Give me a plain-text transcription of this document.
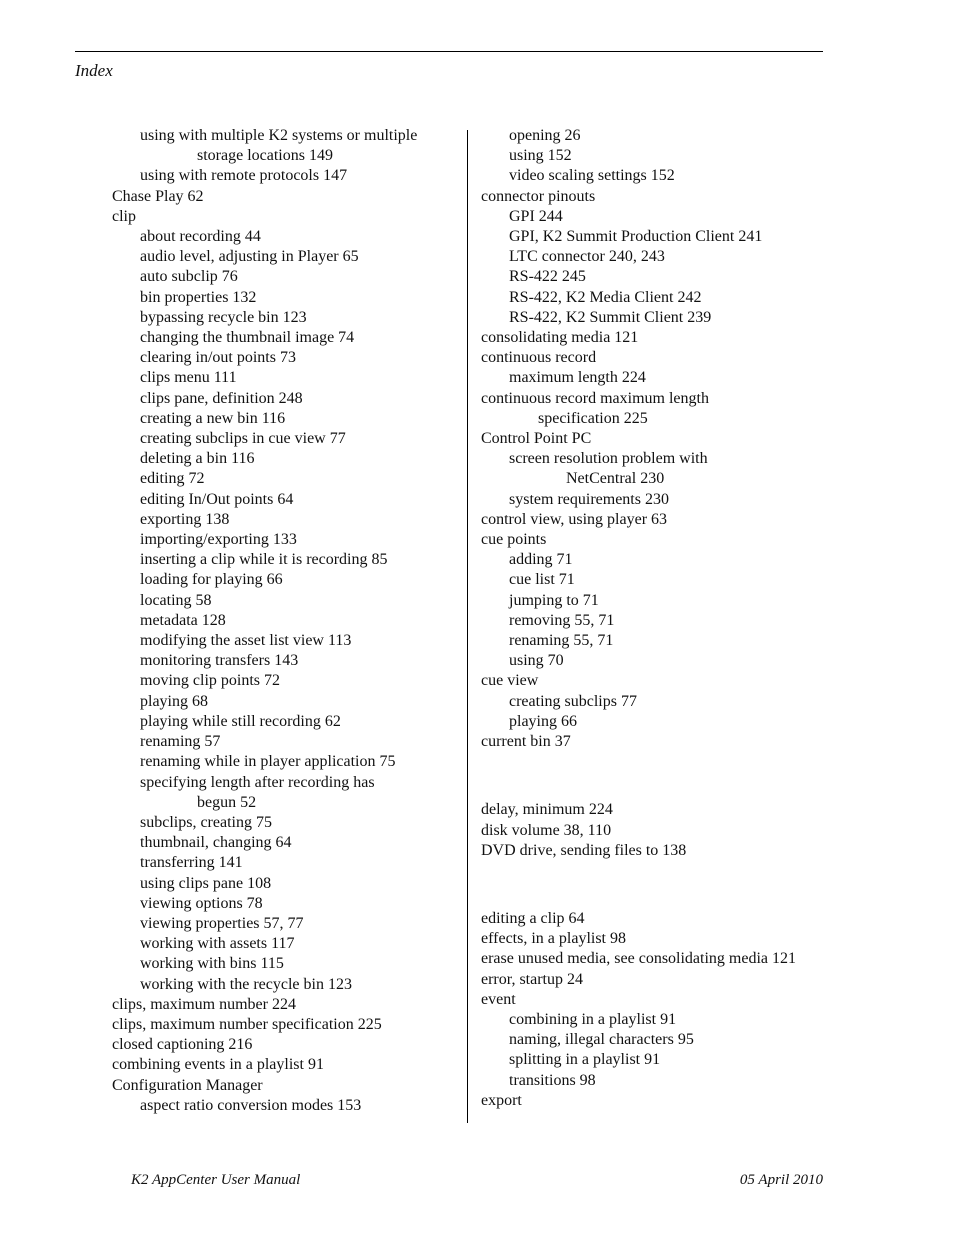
Index
using with multiple K2 systems or multiple
storage locations 149
using with remote protocols 147
Chase Play 62
clip
about recording 44
audio level, adjusting in Player 65
auto subclip 76
bin properties 132
bypassing recycle bin 123
changing the thumbnail image 74
clearing in/out points 73
clips menu 111
clips pane, definition 248
creating a new bin 116
creating subclips in cue view 77
deleting a bin 116
editing 72
editing In/Out points 64
exporting 138
importing/exporting 133
inserting a clip while it is recording 85
loading for playing 66
locating 58
metadata 128
modifying the asset list view 113
monitoring transfers 143
moving clip points 72
playing 68
playing while still recording 62
renaming 57
renaming while in player application 75
specifying length after recording has
begun 52
subclips, creating 75
thumbnail, changing 64
transferring 141
using clips pane 108
viewing options 78
viewing properties 57, 77
working with assets 117
working with bins 115
working with the recycle bin 123
clips, maximum number 224
clips, maximum number specification 225
closed captioning 216
combining events in a playlist 91
Configuration Manager
aspect ratio conversion modes 153
opening 26
using 152
video scaling settings 152
connector pinouts
GPI 244
GPI, K2 Summit Production Client 241
LTC connector 240, 243
RS-422 245
RS-422, K2 Media Client 242
RS-422, K2 Summit Client 239
consolidating media 121
continuous record
maximum length 224
continuous record maximum length
specification 225
Control Point PC
screen resolution problem with
NetCentral 230
system requirements 230
control view, using player 63
cue points
adding 71
cue list 71
jumping to 71
removing 55, 71
renaming 55, 71
using 70
cue view
creating subclips 77
playing 66
current bin 37
delay, minimum 224
disk volume 38, 110
DVD drive, sending files to 138
editing a clip 64
effects, in a playlist 98
erase unused media, see consolidating media 121
error, startup 24
event
combining in a playlist 91
naming, illegal characters 95
splitting in a playlist 91
transitions 98
export
K2 AppCenter User Manual	05 April 2010
